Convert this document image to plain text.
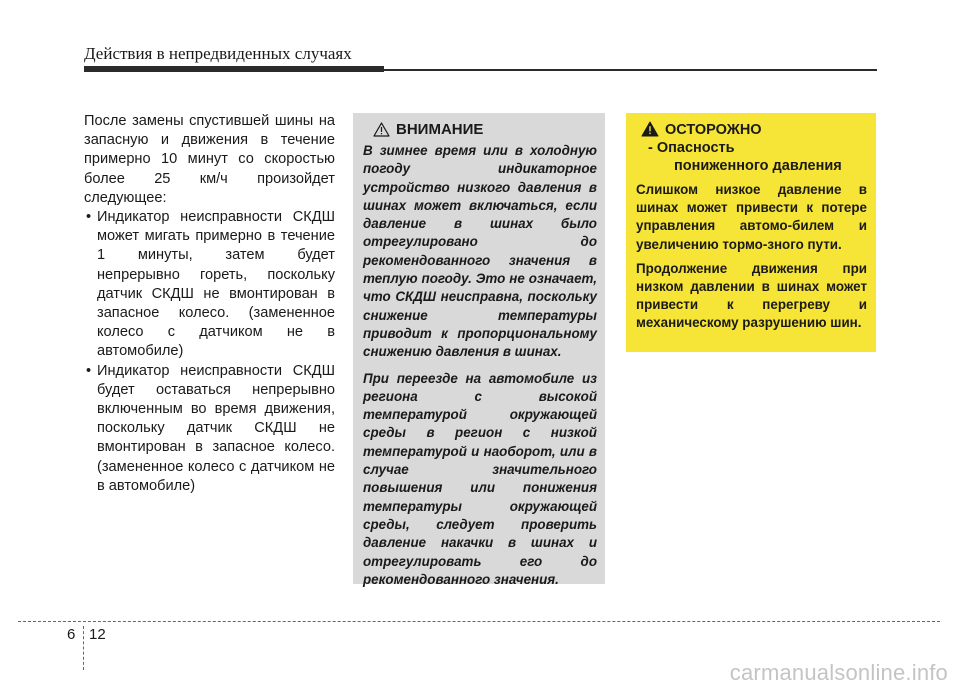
Действия в непредвиденных случаях

После замены спустившей шины на запасную и движения в течение примерно 10 минут со скоростью более 25 км/ч произойдет следующее:

• Индикатор неисправности СКДШ может мигать примерно в течение 1 минуты, затем будет непрерывно гореть, поскольку датчик СКДШ не вмонтирован в запасное колесо. (замененное колесо с датчиком не в автомобиле)
• Индикатор неисправности СКДШ будет оставаться непрерывно включенным во время движения, поскольку датчик СКДШ не вмонтирован в запасное колесо. (замененное колесо с датчиком не в автомобиле)
ВНИМАНИЕ

В зимнее время или в холодную погоду индикаторное устройство низкого давления в шинах может включаться, если давление в шинах было отрегулировано до рекомендованного значения в теплую погоду. Это не означает, что СКДШ неисправна, поскольку снижение температуры приводит к пропорциональному снижению давления в шинах.

При переезде на автомобиле из региона с высокой температурой окружающей среды в регион с низкой температурой и наоборот, или в случае значительного повышения или понижения температуры окружающей среды, следует проверить давление накачки в шинах и отрегулировать его до рекомендованного значения.

ОСТОРОЖНО
- Опасность
пониженного давления

Слишком низкое давление в шинах может привести к потере управления автомо-билем и увеличению тормо-зного пути.

Продолжение движения при низком давлении в шинах может привести к перегреву и механическому разрушению шин.

6 12
carmanualsonline.info
